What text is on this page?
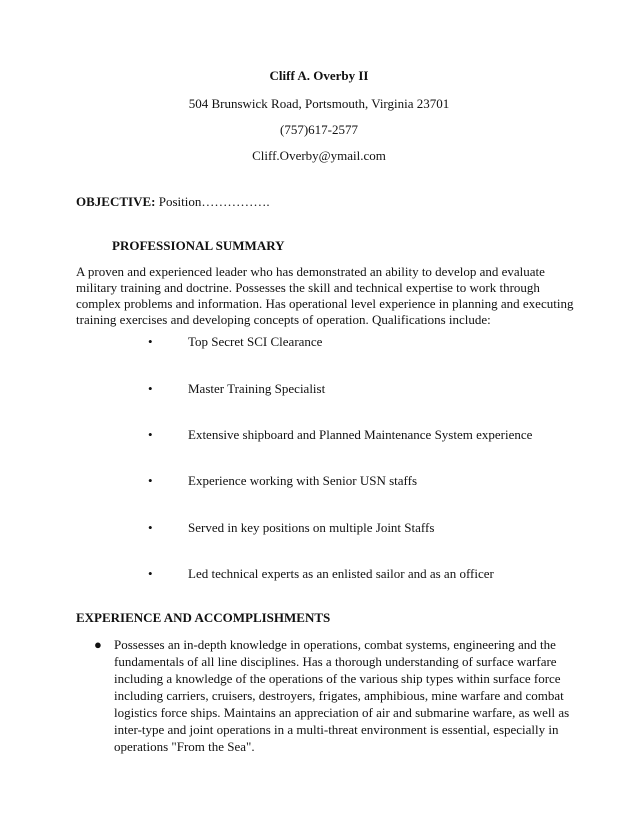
Cliff A. Overby II
504 Brunswick Road, Portsmouth, Virginia 23701
(757)617-2577
Cliff.Overby@ymail.com
OBJECTIVE: Position…………….
PROFESSIONAL SUMMARY
A proven and experienced leader who has demonstrated an ability to develop and evaluate
military training and doctrine. Possesses the skill and technical expertise to work through
complex problems and information. Has operational level experience in planning and executing
training exercises and developing concepts of operation. Qualifications include:
•	Top Secret SCI Clearance
•	Master Training Specialist
•	Extensive shipboard and Planned Maintenance System experience
•	Experience working with Senior USN staffs
•	Served in key positions on multiple Joint Staffs
•	Led technical experts as an enlisted sailor and as an officer
EXPERIENCE AND ACCOMPLISHMENTS
● Possesses an in-depth knowledge in operations, combat systems, engineering and the
fundamentals of all line disciplines. Has a thorough understanding of surface warfare
including a knowledge of the operations of the various ship types within surface force
including carriers, cruisers, destroyers, frigates, amphibious, mine warfare and combat
logistics force ships. Maintains an appreciation of air and submarine warfare, as well as
inter-type and joint operations in a multi-threat environment is essential, especially in
operations "From the Sea".
